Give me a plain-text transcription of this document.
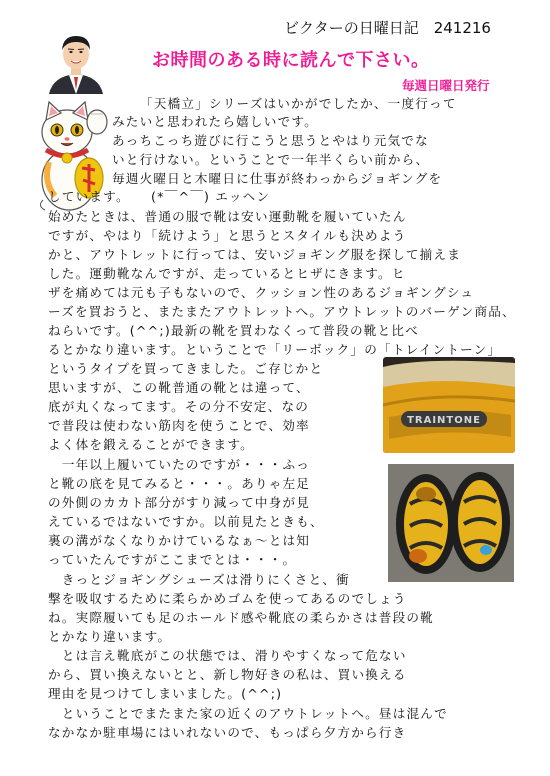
ビクターの日曜日記　241216
お時間のある時に読んで下さい。
毎週日曜日発行
「天橋立」シリーズはいかがでしたか、一度行って
みたいと思われたら嬉しいです。
あっちこっち遊びに行こうと思うとやはり元気でな
いと行けない。ということで一年半くらい前から、
毎週火曜日と木曜日に仕事が終わっからジョギングを
しています。　　(*￣^￣) エッヘン
始めたときは、普通の服で靴は安い運動靴を履いていたん
ですが、やはり「続けよう」と思うとスタイルも決めよう
かと、アウトレットに行っては、安いジョギング服を探して揃えま
した。運動靴なんですが、走っているとヒザにきます。ヒ
ザを痛めては元も子もないので、クッション性のあるジョギングシュ
ーズを買おうと、またまたアウトレットへ。アウトレットのバーゲン商品、
ねらいです。(^^;)最新の靴を買わなくって普段の靴と比べ
るとかなり違います。ということで「リーボック」の「トレイントーン」
というタイプを買ってきました。ご存じかと
思いますが、この靴普通の靴とは違って、
底が丸くなってます。その分不安定、なの
で普段は使わない筋肉を使うことで、効率
よく体を鍛えることができます。
　一年以上履いていたのですが・・・ふっ
と靴の底を見てみると・・・。ありゃ左足
の外側のカカト部分がすり減って中身が見
えているではないですか。以前見たときも、
裏の溝がなくなりかけているなぁ～とは知
っていたんですがここまでとは・・・。
　きっとジョギングシューズは滑りにくさと、衝
撃を吸収するために柔らかめゴムを使ってあるのでしょう
ね。実際履いても足のホールド感や靴底の柔らかさは普段の靴
とかなり違います。
　とは言え靴底がこの状態では、滑りやすくなって危ない
から、買い換えないとと、新し物好きの私は、買い換える
理由を見つけてしまいました。(^^;)
　ということでまたまた家の近くのアウトレットへ。昼は混んで
なかなか駐車場にはいれないので、もっぱら夕方から行き
TRAINTONE
